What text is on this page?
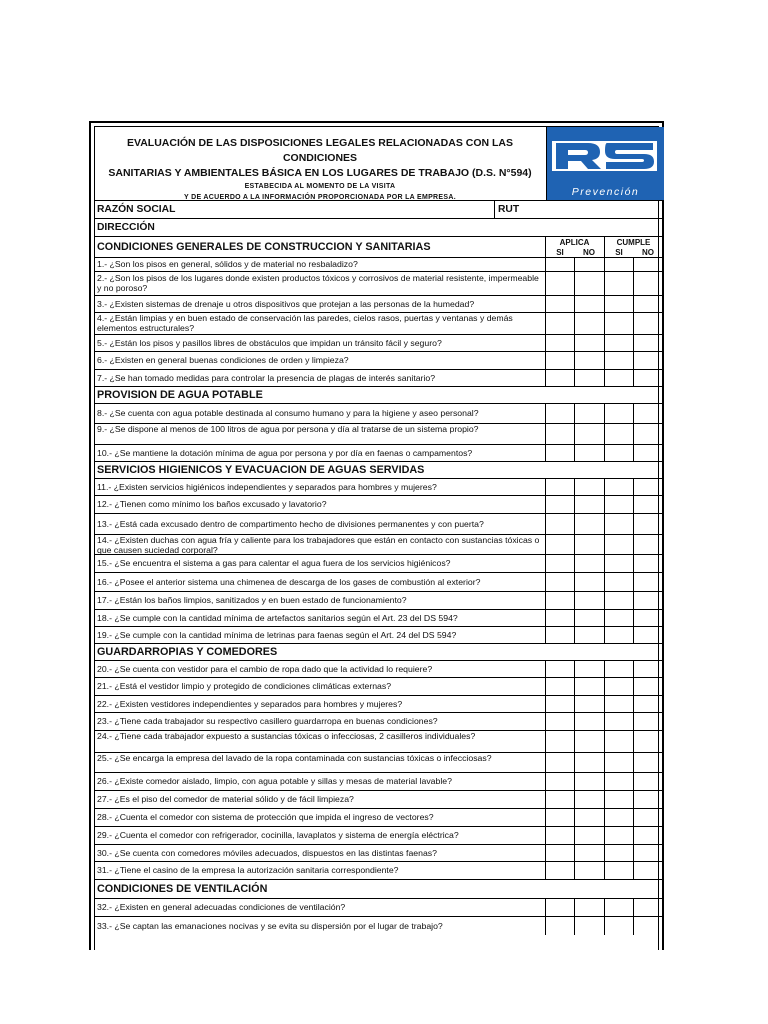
EVALUACIÓN DE LAS DISPOSICIONES LEGALES RELACIONADAS CON LAS CONDICIONES
SANITARIAS Y AMBIENTALES BÁSICA EN LOS LUGARES DE TRABAJO (D.S. N°594)
ESTABECIDA AL MOMENTO DE LA VISITA
Y DE ACUERDO A LA INFORMACIÓN PROPORCIONADA POR LA EMPRESA.	Prevención
RAZÓN SOCIAL	RUT
DIRECCIÓN
CONDICIONES GENERALES DE CONSTRUCCION Y SANITARIAS	APLICA	CUMPLE
SI	NO	SI	NO
1.- ¿Son los pisos en general, sólidos y de material no resbaladizo?
2.- ¿Son los pisos de los lugares donde existen productos tóxicos y corrosivos de material resistente, impermeable y no poroso?
3.- ¿Existen sistemas de drenaje u otros dispositivos que protejan a las personas de la humedad?
4.- ¿Están limpias y en buen estado de conservación las paredes, cielos rasos, puertas y ventanas y demás elementos estructurales?
5.- ¿Están los pisos y pasillos libres de obstáculos que impidan un tránsito fácil y seguro?
6.- ¿Existen en general buenas condiciones de orden y limpieza?
7.- ¿Se han tomado medidas para controlar la presencia de plagas de interés sanitario?
PROVISION DE AGUA POTABLE
8.- ¿Se cuenta con agua potable destinada al consumo humano y para la higiene y aseo personal?
9.- ¿Se dispone al menos de 100 litros de agua por persona y día al tratarse de un sistema propio?
10.- ¿Se mantiene la dotación mínima de agua por persona y por día en faenas o campamentos?
SERVICIOS HIGIENICOS Y EVACUACION DE AGUAS SERVIDAS
11.- ¿Existen servicios higiénicos independientes y separados para hombres y mujeres?
12.- ¿Tienen como mínimo los baños excusado y lavatorio?
13.- ¿Está cada excusado dentro de compartimento hecho de divisiones permanentes y con puerta?
14.- ¿Existen duchas con agua fría y caliente para los trabajadores que están en contacto con sustancias tóxicas o que causen suciedad corporal?
15.- ¿Se encuentra el sistema a gas para calentar el agua fuera de los servicios higiénicos?
16.- ¿Posee el anterior sistema una chimenea de descarga de los gases de combustión al exterior?
17.- ¿Están los baños limpios, sanitizados y en buen estado de funcionamiento?
18.- ¿Se cumple con la cantidad mínima de artefactos sanitarios según el Art. 23 del DS 594?
19.- ¿Se cumple con la cantidad mínima de letrinas para faenas según el Art. 24 del DS 594?
GUARDARROPIAS Y COMEDORES
20.- ¿Se cuenta con vestidor para el cambio de ropa dado que la actividad lo requiere?
21.- ¿Está el vestidor limpio y protegido de condiciones climáticas externas?
22.- ¿Existen vestidores independientes y separados para hombres y mujeres?
23.- ¿Tiene cada trabajador su respectivo casillero guardarropa en buenas condiciones?
24.- ¿Tiene cada trabajador expuesto a sustancias tóxicas o infecciosas, 2 casilleros individuales?
25.- ¿Se encarga la empresa del lavado de la ropa contaminada con sustancias tóxicas o infecciosas?
26.- ¿Existe comedor aislado, limpio, con agua potable y sillas y mesas de material lavable?
27.- ¿Es el piso del comedor de material sólido y de fácil limpieza?
28.- ¿Cuenta el comedor con sistema de protección que impida el ingreso de vectores?
29.- ¿Cuenta el comedor con refrigerador, cocinilla, lavaplatos y sistema de energía eléctrica?
30.- ¿Se cuenta con comedores móviles adecuados, dispuestos en las distintas faenas?
31.- ¿Tiene el casino de la empresa la autorización sanitaria correspondiente?
CONDICIONES DE VENTILACIÓN
32.- ¿Existen en general adecuadas condiciones de ventilación?
33.- ¿Se captan las emanaciones nocivas y se evita su dispersión por el lugar de trabajo?
